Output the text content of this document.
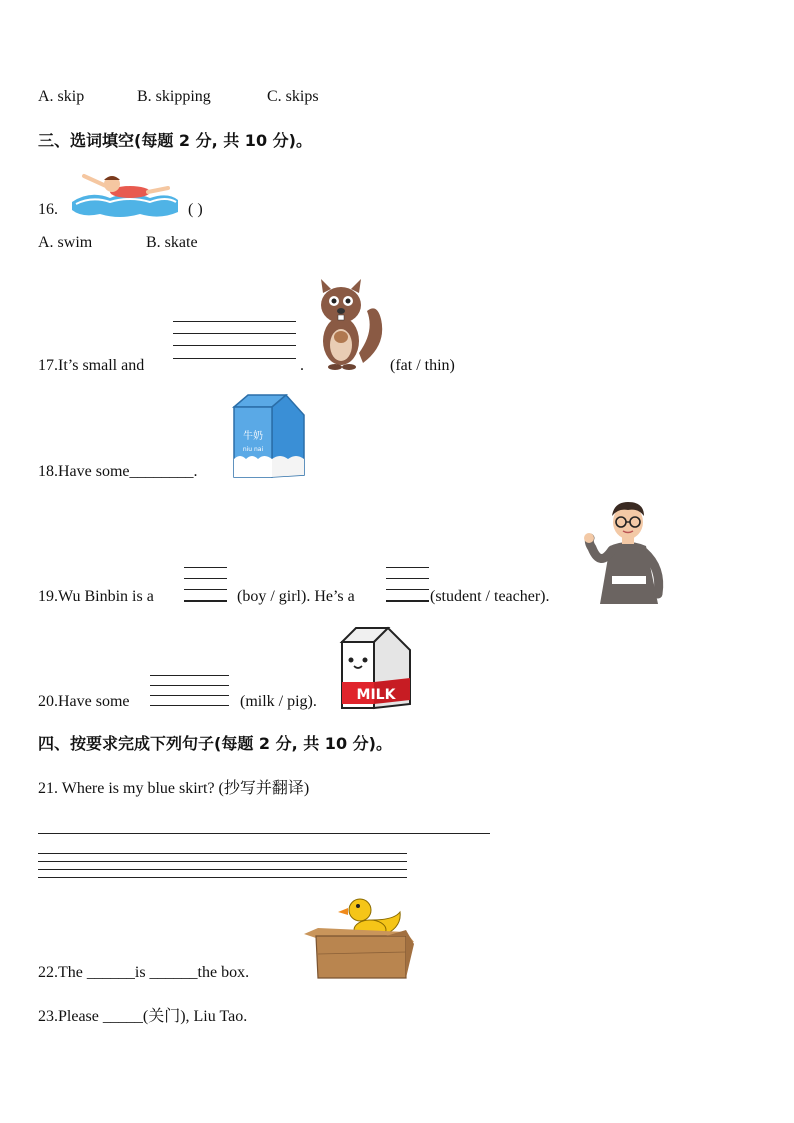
A. skip	B. skipping	C. skips
三、选词填空(每题 2 分, 共 10 分)。
16.	( )
A. swim	B. skate
17.It’s small and	.	(fat / thin)
18.Have some________.
牛奶
niu nai
19.Wu Binbin is a	(boy / girl). He’s a	(student / teacher).
20.Have some	(milk / pig).	MILK
四、按要求完成下列句子(每题 2 分, 共 10 分)。
21. Where is my blue skirt? (抄写并翻译)
22.The ______is ______the box.
23.Please _____(关门), Liu Tao.
